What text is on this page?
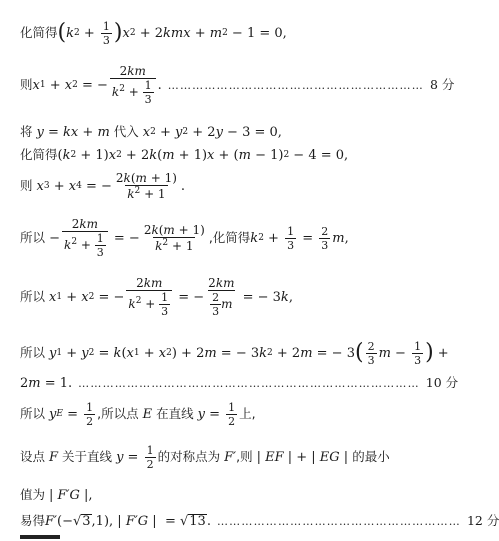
化简得 ( k $2 + \frac{1}{3}$ ) x 2 + 2 kmx + m 2 − 1 = 0,
则 x 1 + x 2 = − $\frac{2km}{k^2 + \frac{1}{3}}$ . ……………………………………………………… 8 分
将 y = kx + m 代入 x 2 + y 2 + 2 y − 3 = 0,
化简得 ( k 2 + 1) x 2 + 2 k ( m + 1) x + ( m − 1) 2 − 4 = 0,
则 x 3 + x 4 = − $\frac{2k(m + 1)}{k^2 + 1}$ .
所以 − $\frac{2km}{k^2 + \frac{1}{3}}$ = − $\frac{2k(m + 1)}{k^2 + 1}$ ,化简得 k $2 + \frac{1}{3} = \frac{2}{3}$ m ,
所以 x 1 + x 2 = − $\frac{2km}{k^2 + \frac{1}{3}}$ = − $\frac{2km}{\frac{2}{3} m}$ = − 3 k ,
所以 y 1 + y 2 = k ( x 1 + x 2 ) + 2 m = − 3 k 2 + 2 m = − 3 ( $\frac{2}{3}$ $m - \frac{1}{3}$ ) +
2 m = 1. ………………………………………………………………………… 10 分
所以 y $E = \frac{1}{2}$ ,所以点 E 在直线 $y = \frac{1}{2}$ 上,
设点 F 关于直线 $y = \frac{1}{2}$ 的对称点为 F′ ,则 | EF | + | EG | 的最小
值为 | F′G |,
易得 F′ (− √ 3 ,1), | F′G |  = √ 13 . …………………………………………………… 12 分
